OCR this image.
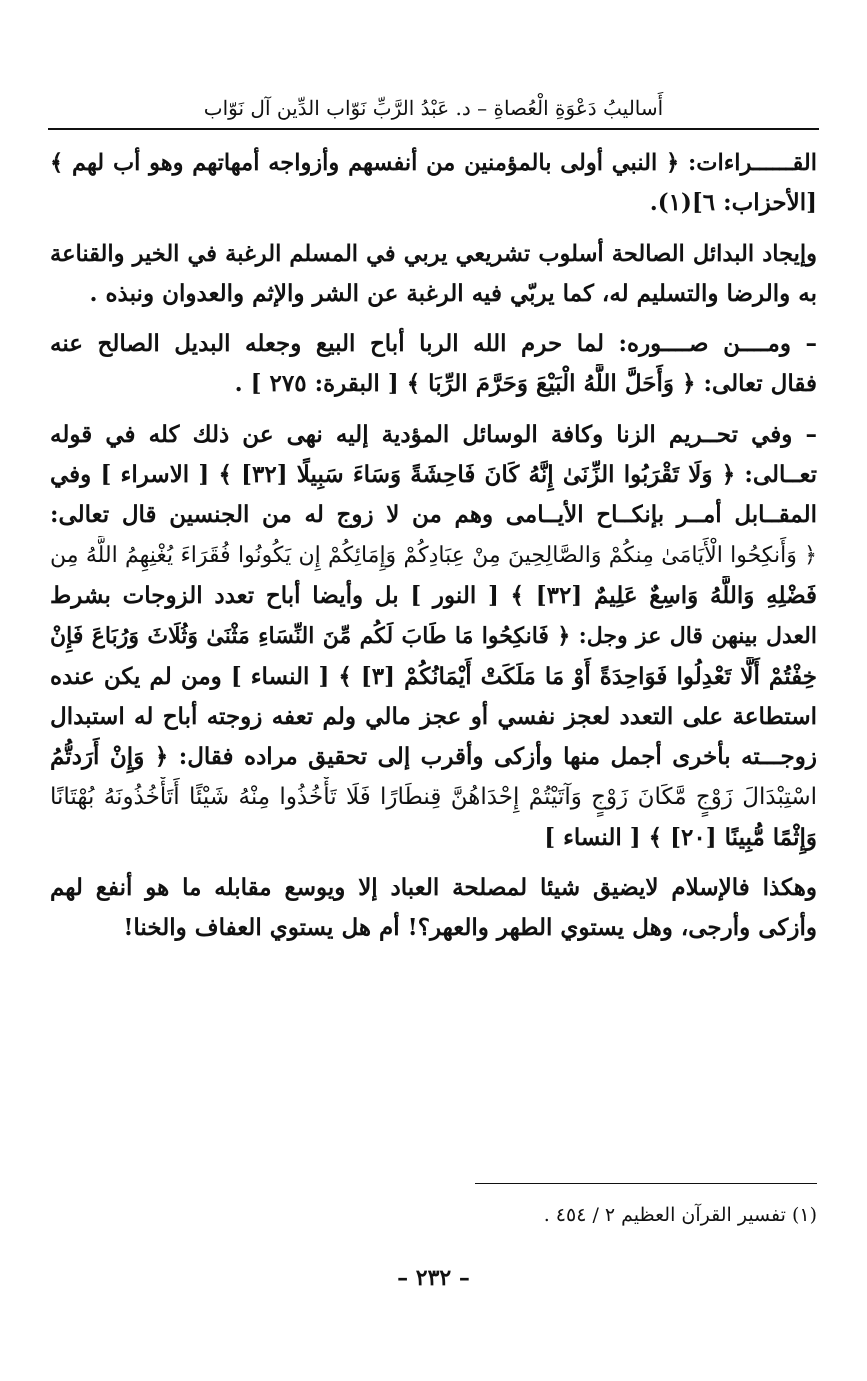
أَساليبُ دَعْوَةِ الْعُصاةِ – د. عَبْدُ الرَّبِّ نَوّاب الدِّين آل نَوّاب
القــــــراءات: ﴿ النبي أولى بالمؤمنين من أنفسهم وأزواجه أمهاتهم وهو أب لهم ﴾
[الأحزاب: ٦](١).
وإيجاد البدائل الصالحة أسلوب تشريعي يربي في المسلم الرغبة في الخير والقناعة
به والرضا والتسليم له، كما يربّي فيه الرغبة عن الشر والإثم والعدوان ونبذه .
– ومــــن صــــوره: لما حرم الله الربا أباح البيع وجعله البديل الصالح عنه
فقال تعالى: ﴿ وَأَحَلَّ اللَّهُ الْبَيْعَ وَحَرَّمَ الرِّبَا ﴾ [ البقرة: ٢٧٥ ] .
– وفي تحــريم الزنا وكافة الوسائل المؤدية إليه نهى عن ذلك كله في قوله
تعــالى: ﴿ وَلَا تَقْرَبُوا الزِّنَىٰ إِنَّهُ كَانَ فَاحِشَةً وَسَاءَ سَبِيلًا [٣٢] ﴾ [ الاسراء ] وفي
المقــابل أمــر بإنكــاح الأيــامى وهم من لا زوج له من الجنسين قال تعالى:
﴿ وَأَنكِحُوا الْأَيَامَىٰ مِنكُمْ وَالصَّالِحِينَ مِنْ عِبَادِكُمْ وَإِمَائِكُمْ إِن يَكُونُوا فُقَرَاءَ يُغْنِهِمُ اللَّهُ مِن
فَضْلِهِ وَاللَّهُ وَاسِعٌ عَلِيمٌ [٣٢] ﴾ [ النور ] بل وأيضا أباح تعدد الزوجات بشرط
العدل بينهن قال عز وجل: ﴿ فَانكِحُوا مَا طَابَ لَكُم مِّنَ النِّسَاءِ مَثْنَىٰ وَثُلَاثَ وَرُبَاعَ فَإِنْ
خِفْتُمْ أَلَّا تَعْدِلُوا فَوَاحِدَةً أَوْ مَا مَلَكَتْ أَيْمَانُكُمْ [٣] ﴾ [ النساء ] ومن لم يكن عنده
استطاعة على التعدد لعجز نفسي أو عجز مالي ولم تعفه زوجته أباح له استبدال
زوجـــته بأخرى أجمل منها وأزكى وأقرب إلى تحقيق مراده فقال: ﴿ وَإِنْ أَرَدتُّمُ
اسْتِبْدَالَ زَوْجٍ مَّكَانَ زَوْجٍ وَآتَيْتُمْ إِحْدَاهُنَّ قِنطَارًا فَلَا تَأْخُذُوا مِنْهُ شَيْئًا أَتَأْخُذُونَهُ بُهْتَانًا
وَإِثْمًا مُّبِينًا [٢٠] ﴾ [ النساء ]
وهكذا فالإسلام لايضيق شيئا لمصلحة العباد إلا ويوسع مقابله ما هو أنفع لهم
وأزكى وأرجى، وهل يستوي الطهر والعهر؟! أم هل يستوي العفاف والخنا!
(١) تفسير القرآن العظيم ٢ / ٤٥٤ .
– ٢٣٢ –
